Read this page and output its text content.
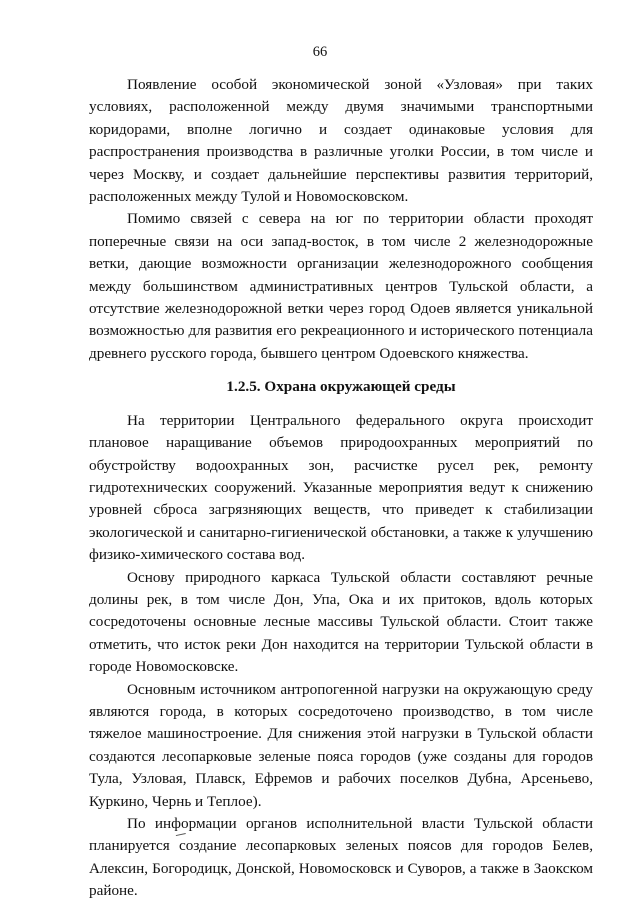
66

Появление особой экономической зоной «Узловая» при таких условиях, расположенной между двумя значимыми транспортными коридорами, вполне логично и создает одинаковые условия для распространения производства в различные уголки России, в том числе и через Москву, и создает дальнейшие перспективы развития территорий, расположенных между Тулой и Новомосковском.

Помимо связей с севера на юг по территории области проходят поперечные связи на оси запад-восток, в том числе 2 железнодорожные ветки, дающие возможности организации железнодорожного сообщения между большинством административных центров Тульской области, а отсутствие железнодорожной ветки через город Одоев является уникальной возможностью для развития его рекреационного и исторического потенциала древнего русского города, бывшего центром Одоевского княжества.

1.2.5. Охрана окружающей среды

На территории Центрального федерального округа происходит плановое наращивание объемов природоохранных мероприятий по обустройству водоохранных зон, расчистке русел рек, ремонту гидротехнических сооружений. Указанные мероприятия ведут к снижению уровней сброса загрязняющих веществ, что приведет к стабилизации экологической и санитарно-гигиенической обстановки, а также к улучшению физико-химического состава вод.

Основу природного каркаса Тульской области составляют речные долины рек, в том числе Дон, Упа, Ока и их притоков, вдоль которых сосредоточены основные лесные массивы Тульской области. Стоит также отметить, что исток реки Дон находится на территории Тульской области в городе Новомосковске.

Основным источником антропогенной нагрузки на окружающую среду являются города, в которых сосредоточено производство, в том числе тяжелое машиностроение. Для снижения этой нагрузки в Тульской области создаются лесопарковые зеленые пояса городов (уже созданы для городов Тула, Узловая, Плавск, Ефремов и рабочих поселков Дубна, Арсеньево, Куркино, Чернь и Теплое).

По информации органов исполнительной власти Тульской области планируется создание лесопарковых зеленых поясов для городов Белев, Алексин, Богородицк, Донской, Новомосковск и Суворов, а также в Заокском районе.
